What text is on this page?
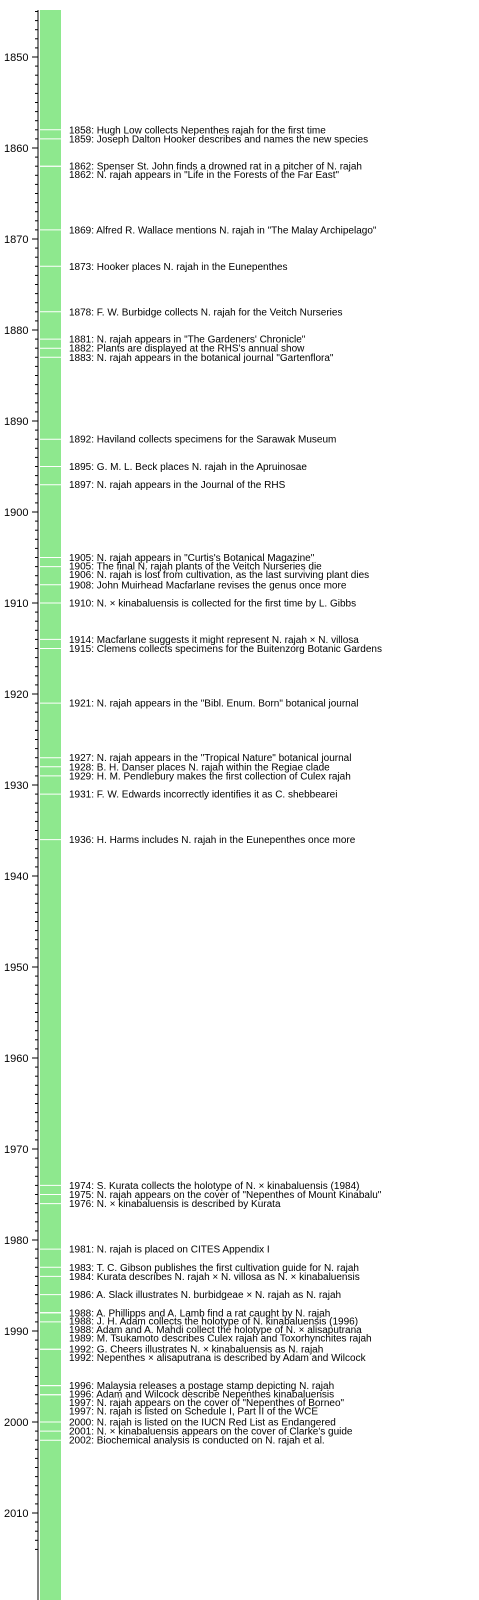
1850
1860
1870
1880
1890
1900
1910
1920
1930
1940
1950
1960
1970
1980
1990
2000
2010
1858: Hugh Low collects Nepenthes rajah for the first time
1859: Joseph Dalton Hooker describes and names the new species
1862: Spenser St. John finds a drowned rat in a pitcher of N. rajah
1862: N. rajah appears in "Life in the Forests of the Far East"
1869: Alfred R. Wallace mentions N. rajah in "The Malay Archipelago"
1873: Hooker places N. rajah in the Eunepenthes
1878: F. W. Burbidge collects N. rajah for the Veitch Nurseries
1881: N. rajah appears in "The Gardeners' Chronicle"
1882: Plants are displayed at the RHS's annual show
1883: N. rajah appears in the botanical journal "Gartenflora"
1892: Haviland collects specimens for the Sarawak Museum
1895: G. M. L. Beck places N. rajah in the Apruinosae
1897: N. rajah appears in the Journal of the RHS
1905: N. rajah appears in "Curtis's Botanical Magazine"
1905: The final N. rajah plants of the Veitch Nurseries die
1906: N. rajah is lost from cultivation, as the last surviving plant dies
1908: John Muirhead Macfarlane revises the genus once more
1910: N. × kinabaluensis is collected for the first time by L. Gibbs
1914: Macfarlane suggests it might represent N. rajah × N. villosa
1915: Clemens collects specimens for the Buitenzorg Botanic Gardens
1921: N. rajah appears in the "Bibl. Enum. Born" botanical journal
1927: N. rajah appears in the "Tropical Nature" botanical journal
1928: B. H. Danser places N. rajah within the Regiae clade
1929: H. M. Pendlebury makes the first collection of Culex rajah
1931: F. W. Edwards incorrectly identifies it as C. shebbearei
1936: H. Harms includes N. rajah in the Eunepenthes once more
1974: S. Kurata collects the holotype of N. × kinabaluensis (1984)
1975: N. rajah appears on the cover of "Nepenthes of Mount Kinabalu"
1976: N. × kinabaluensis is described by Kurata
1981: N. rajah is placed on CITES Appendix I
1983: T. C. Gibson publishes the first cultivation guide for N. rajah
1984: Kurata describes N. rajah × N. villosa as N. × kinabaluensis
1986: A. Slack illustrates N. burbidgeae × N. rajah as N. rajah
1988: A. Phillipps and A. Lamb find a rat caught by N. rajah
1988: J. H. Adam collects the holotype of N. kinabaluensis (1996)
1988: Adam and A. Mahdi collect the holotype of N. × alisaputrana
1989: M. Tsukamoto describes Culex rajah and Toxorhynchites rajah
1992: G. Cheers illustrates N. × kinabaluensis as N. rajah
1992: Nepenthes × alisaputrana is described by Adam and Wilcock
1996: Malaysia releases a postage stamp depicting N. rajah
1996: Adam and Wilcock describe Nepenthes kinabaluensis
1997: N. rajah appears on the cover of "Nepenthes of Borneo"
1997: N. rajah is listed on Schedule I, Part II of the WCE
2000: N. rajah is listed on the IUCN Red List as Endangered
2001: N. × kinabaluensis appears on the cover of Clarke's guide
2002: Biochemical analysis is conducted on N. rajah et al.
